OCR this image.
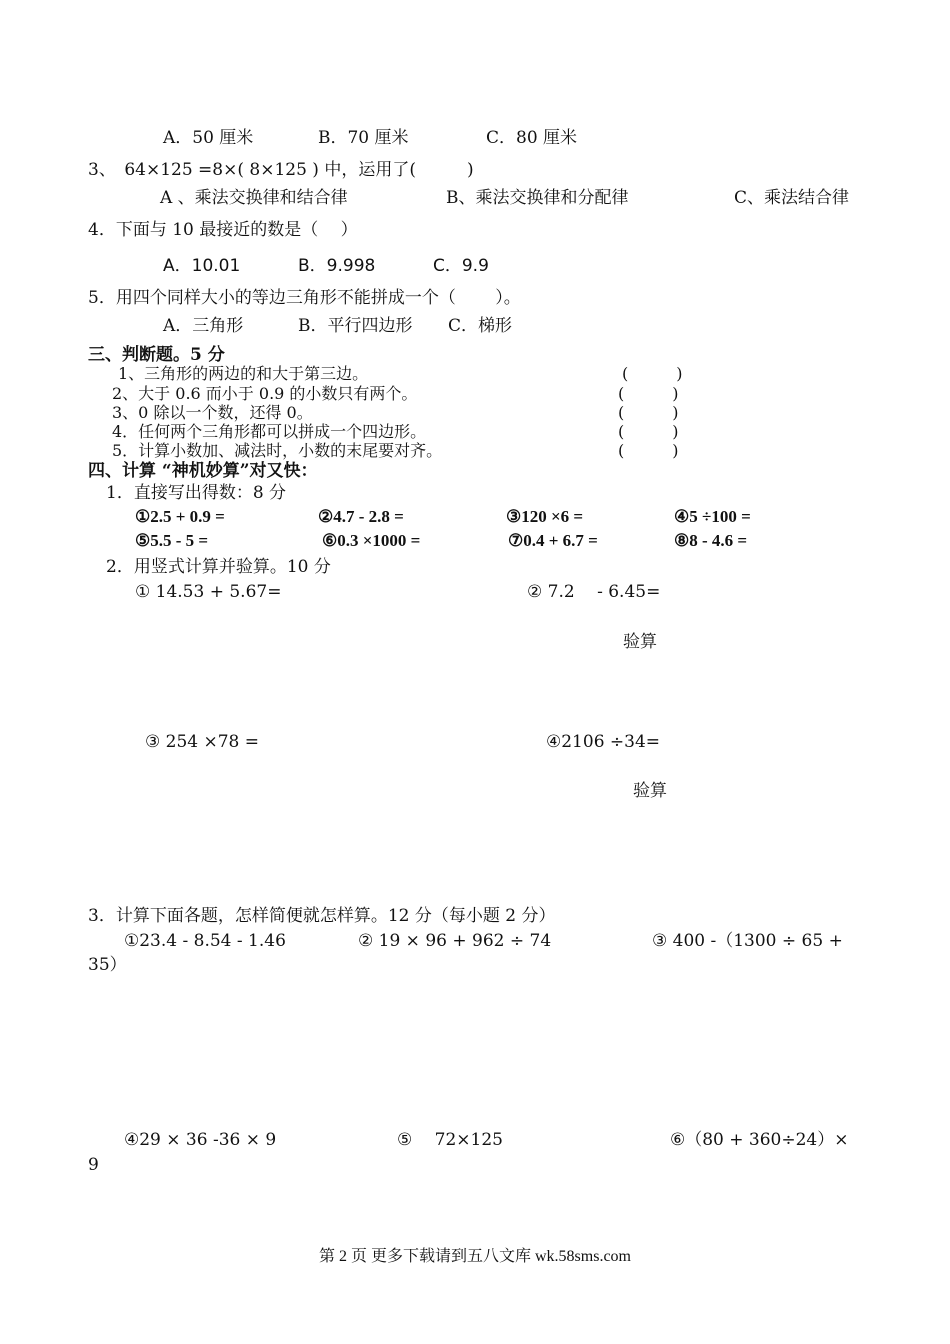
A．50 厘米	B．70 厘米	C．80 厘米
3、　64×125 =8×( 8×125 ) 中，运用了(　　　)
A 、乘法交换律和结合律	B、乘法交换律和分配律	C、乘法结合律
4．下面与 10 最接近的数是（　 ）
A．10.01	B．9.998	C．9.9
5．用四个同样大小的等边三角形不能拼成一个（　　 ）。
A．三角形	B．平行四边形 C．梯形
三、判断题。5 分
1、三角形的两边的和大于第三边。	(　　　)
2、大于 0.6 而小于 0.9 的小数只有两个。	(　　　)
3、0 除以一个数，还得 0。	(　　　)
4．任何两个三角形都可以拼成一个四边形。	(　　　)
5．计算小数加、减法时，小数的末尾要对齐。	(　　　)
四、计算 “神机妙算”对又快：
1．直接写出得数：8 分
①2.5 + 0.9 =	②4.7 - 2.8 =	③120 ×6 =	④5 ÷100 =
⑤5.5 - 5 =	⑥0.3 ×1000 =	⑦0.4 + 6.7 =	⑧8 - 4.6 =
2．用竖式计算并验算。10 分
① 14.53 + 5.67=	② 7.2 　- 6.45=
验算
③ 254 ×78 =	④2106 ÷34=
验算
3．计算下面各题，怎样简便就怎样算。12 分（每小题 2 分）
①23.4 - 8.54 - 1.46	② 19 × 96 + 962 ÷ 74	③ 400 -（1300 ÷ 65 +
35）
④29 × 36 -36 × 9	⑤　 72×125	⑥（80 + 360÷24）×
9
第 2 页 更多下载请到五八文库 wk.58sms.com
